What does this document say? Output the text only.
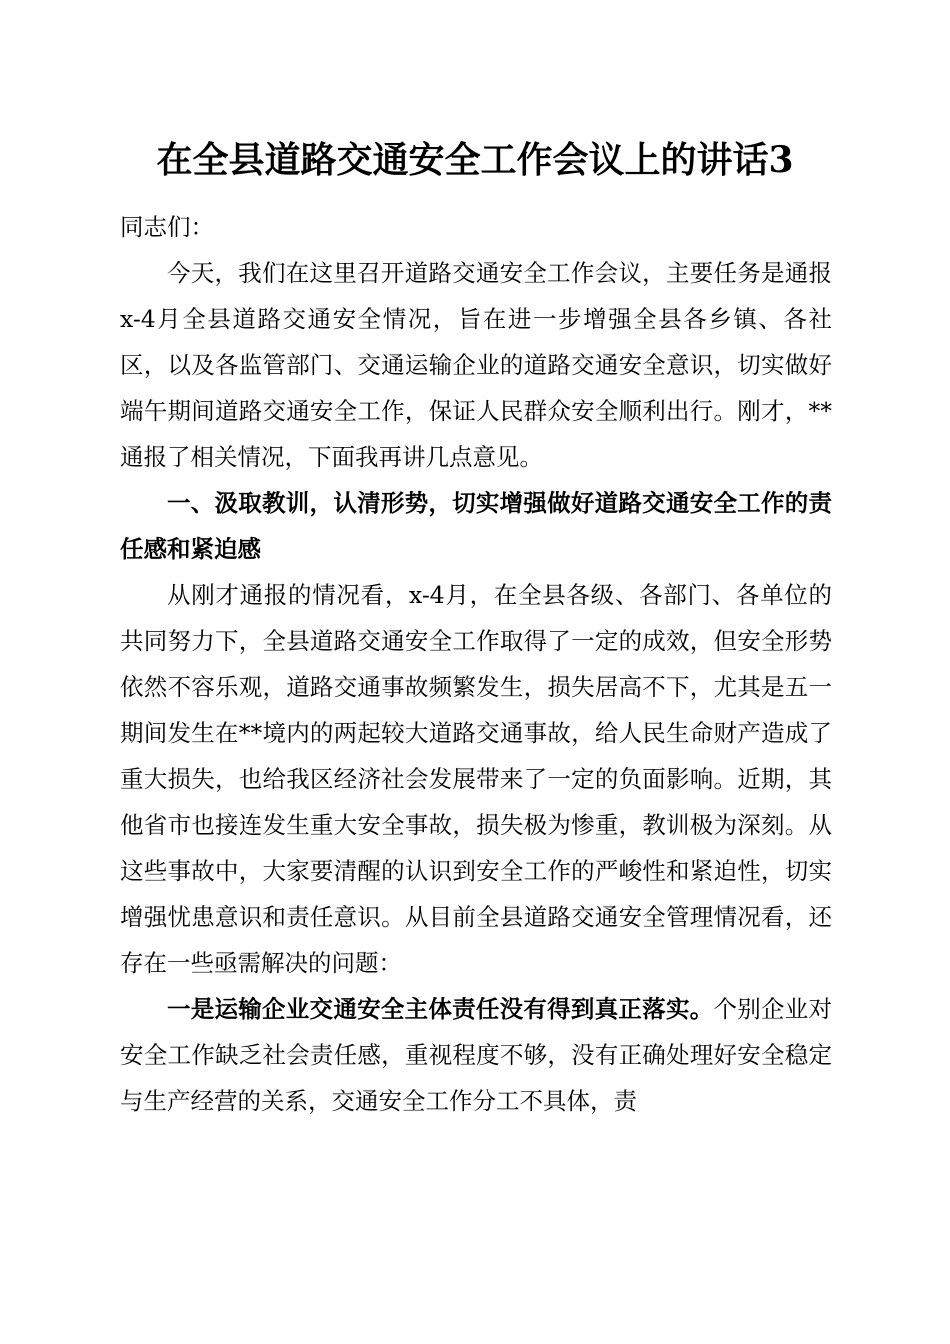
在全县道路交通安全工作会议上的讲话3

同志们：

今天，我们在这里召开道路交通安全工作会议，主要任务是通报x-4月全县道路交通安全情况，旨在进一步增强全县各乡镇、各社区，以及各监管部门、交通运输企业的道路交通安全意识，切实做好端午期间道路交通安全工作，保证人民群众安全顺利出行。刚才，**通报了相关情况，下面我再讲几点意见。

一、汲取教训，认清形势，切实增强做好道路交通安全工作的责任感和紧迫感

从刚才通报的情况看，x-4月，在全县各级、各部门、各单位的共同努力下，全县道路交通安全工作取得了一定的成效，但安全形势依然不容乐观，道路交通事故频繁发生，损失居高不下，尤其是五一期间发生在**境内的两起较大道路交通事故，给人民生命财产造成了重大损失，也给我区经济社会发展带来了一定的负面影响。近期，其他省市也接连发生重大安全事故，损失极为惨重，教训极为深刻。从这些事故中，大家要清醒的认识到安全工作的严峻性和紧迫性，切实增强忧患意识和责任意识。从目前全县道路交通安全管理情况看，还存在一些亟需解决的问题：

一是运输企业交通安全主体责任没有得到真正落实。个别企业对安全工作缺乏社会责任感，重视程度不够，没有正确处理好安全稳定与生产经营的关系，交通安全工作分工不具体，责
